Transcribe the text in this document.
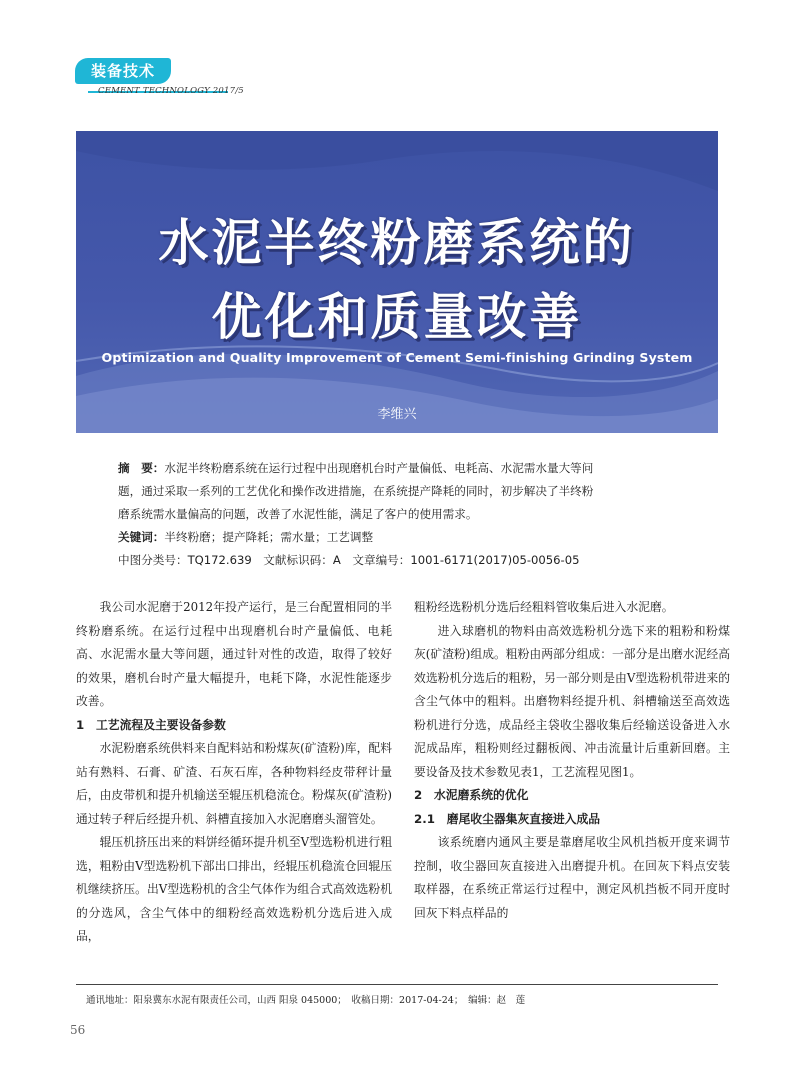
装备技术
CEMENT TECHNOLOGY 2017/5
水泥半终粉磨系统的
优化和质量改善
Optimization and Quality Improvement of Cement Semi-finishing Grinding System
李维兴

摘　要：水泥半终粉磨系统在运行过程中出现磨机台时产量偏低、电耗高、水泥需水量大等问

题，通过采取一系列的工艺优化和操作改进措施，在系统提产降耗的同时，初步解决了半终粉

磨系统需水量偏高的问题，改善了水泥性能，满足了客户的使用需求。

关键词：半终粉磨；提产降耗；需水量；工艺调整

中图分类号：TQ172.639　文献标识码：A　文章编号：1001-6171(2017)05-0056-05

我公司水泥磨于2012年投产运行，是三台配置相同的半终粉磨系统。在运行过程中出现磨机台时产量偏低、电耗高、水泥需水量大等问题，通过针对性的改造，取得了较好的效果，磨机台时产量大幅提升，电耗下降，水泥性能逐步改善。

1　工艺流程及主要设备参数

水泥粉磨系统供料来自配料站和粉煤灰(矿渣粉)库，配料站有熟料、石膏、矿渣、石灰石库，各种物料经皮带秤计量后，由皮带机和提升机输送至辊压机稳流仓。粉煤灰(矿渣粉)通过转子秤后经提升机、斜槽直接加入水泥磨磨头溜管处。

辊压机挤压出来的料饼经循环提升机至V型选粉机进行粗选，粗粉由V型选粉机下部出口排出，经辊压机稳流仓回辊压机继续挤压。出V型选粉机的含尘气体作为组合式高效选粉机的分选风，含尘气体中的细粉经高效选粉机分选后进入成品，

粗粉经选粉机分选后经粗料管收集后进入水泥磨。

进入球磨机的物料由高效选粉机分选下来的粗粉和粉煤灰(矿渣粉)组成。粗粉由两部分组成：一部分是出磨水泥经高效选粉机分选后的粗粉，另一部分则是由V型选粉机带进来的含尘气体中的粗料。出磨物料经提升机、斜槽输送至高效选粉机进行分选，成品经主袋收尘器收集后经输送设备进入水泥成品库，粗粉则经过翻板阀、冲击流量计后重新回磨。主要设备及技术参数见表1，工艺流程见图1。

2　水泥磨系统的优化

2.1　磨尾收尘器集灰直接进入成品

该系统磨内通风主要是靠磨尾收尘风机挡板开度来调节控制，收尘器回灰直接进入出磨提升机。在回灰下料点安装取样器，在系统正常运行过程中，测定风机挡板不同开度时回灰下料点样品的

通讯地址：阳泉冀东水泥有限责任公司，山西 阳泉 045000；　收稿日期：2017-04-24；　编辑：赵　莲
56
